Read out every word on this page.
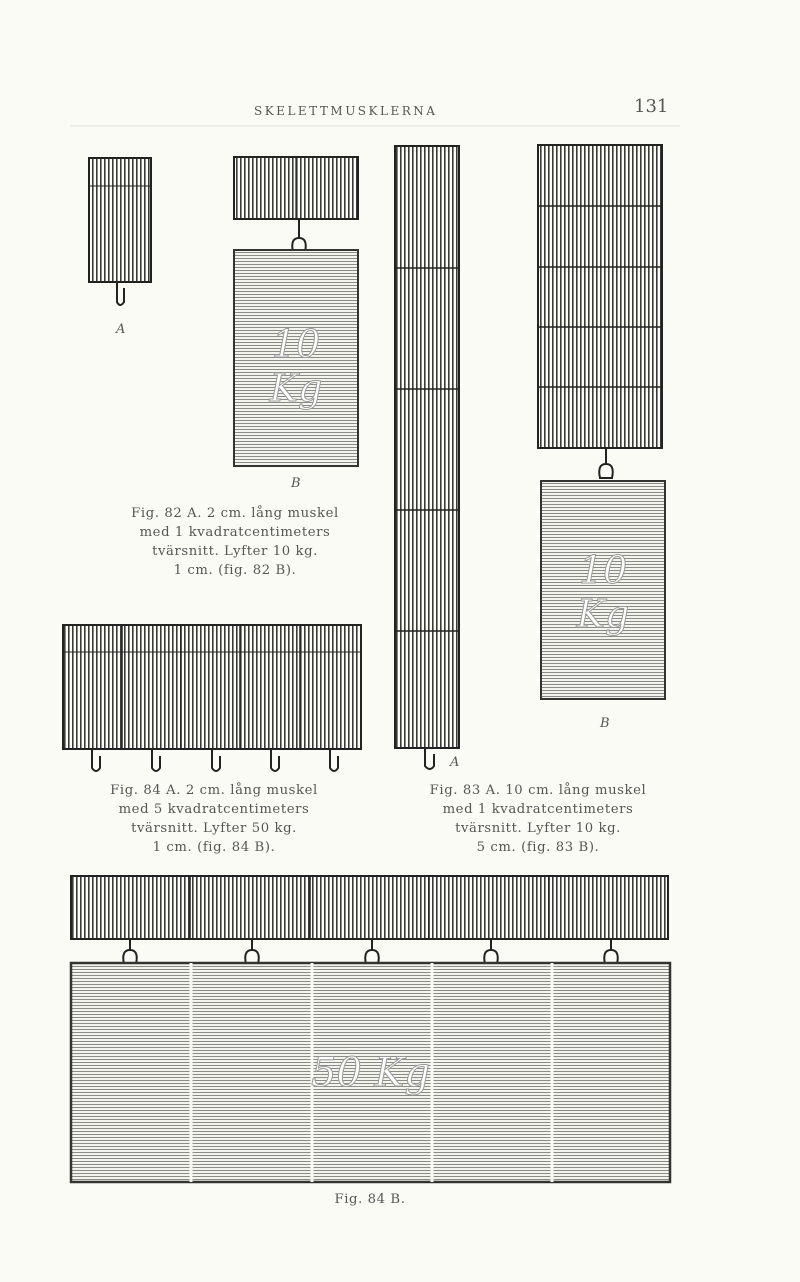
SKELETTMUSKLERNA	131
10
Kg
10
Kg
50 Kg
A
B
A
B
Fig. 82 A. 2 cm. lång muskel
med 1 kvadratcentimeters
tvärsnitt. Lyfter 10 kg.
1 cm. (fig. 82 B).
Fig. 84 A. 2 cm. lång muskel
med 5 kvadratcentimeters
tvärsnitt. Lyfter 50 kg.
1 cm. (fig. 84 B).
Fig. 83 A. 10 cm. lång muskel
med 1 kvadratcentimeters
tvärsnitt. Lyfter 10 kg.
5 cm. (fig. 83 B).
Fig. 84 B.
